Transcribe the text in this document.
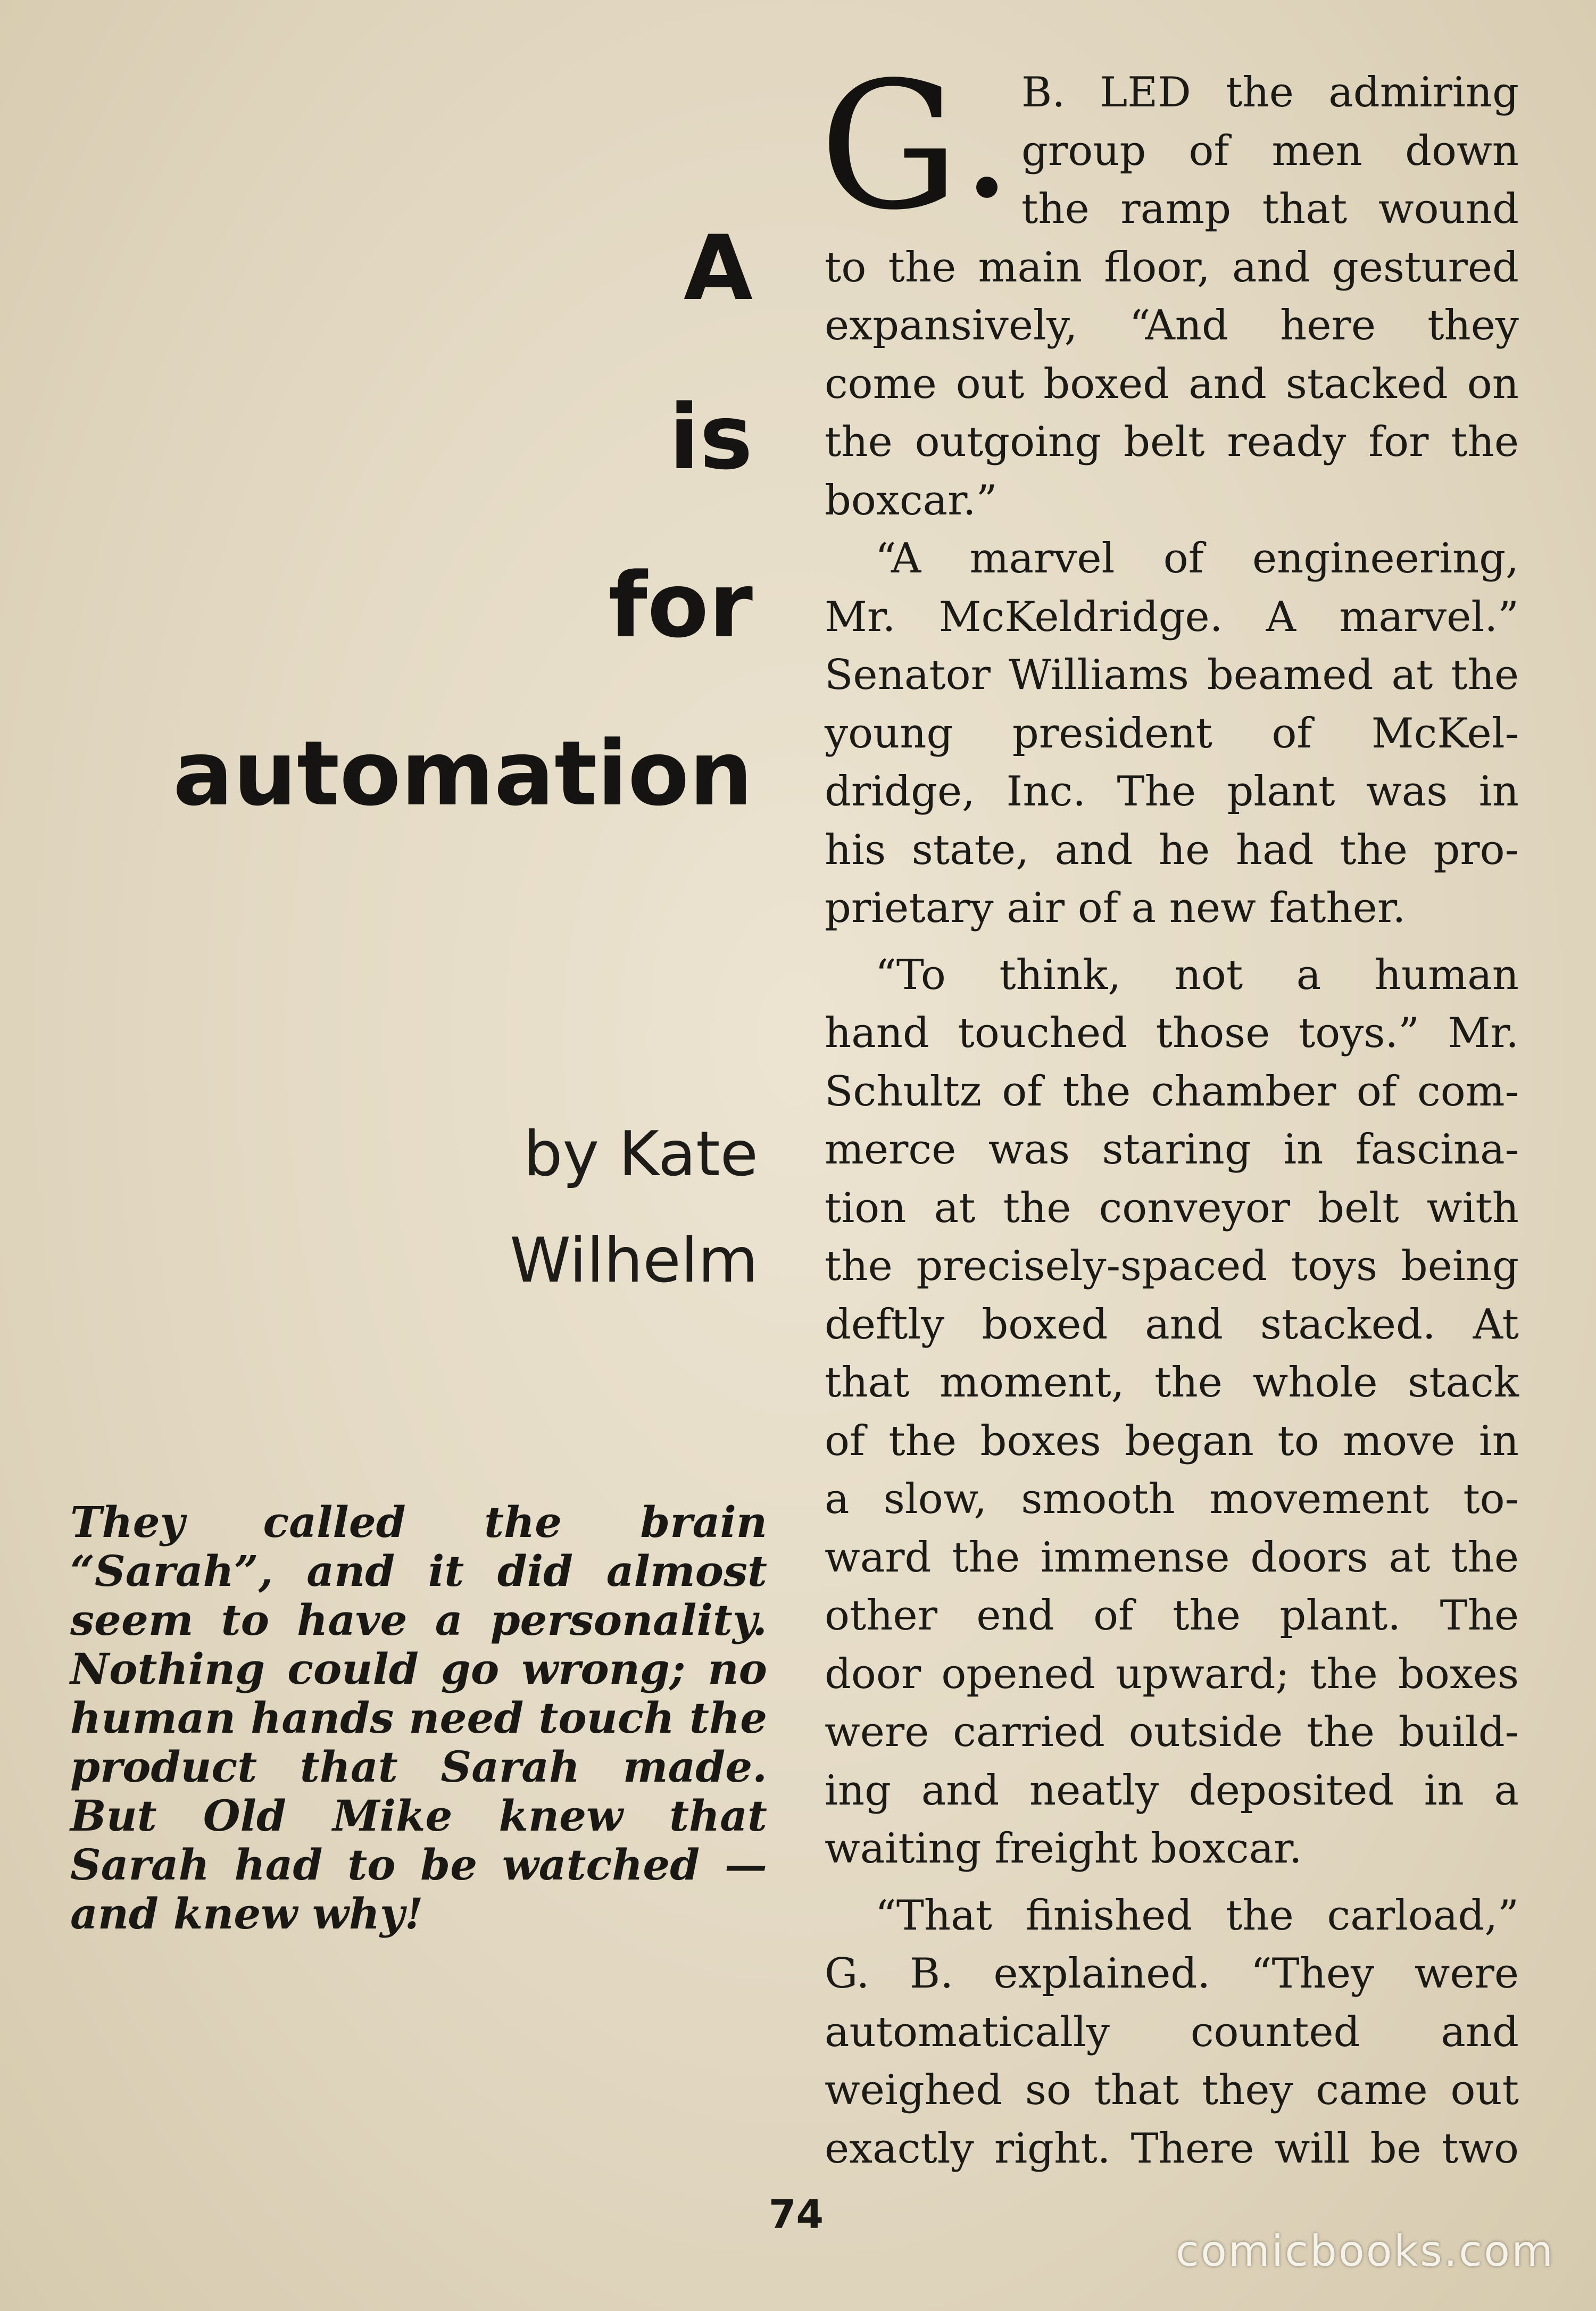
A
is
for
automation
by Kate
Wilhelm
They called the brain
“Sarah”, and it did almost
seem to have a personality.
Nothing could go wrong; no
human hands need touch the
product that Sarah made.
But Old Mike knew that
Sarah had to be watched —
and knew why!
G	B. LED the admiring
group of men down
the ramp that wound
to the main floor, and gestured
expansively, “And here they
come out boxed and stacked on
the outgoing belt ready for the
boxcar.”
“A marvel of engineering,
Mr. McKeldridge. A marvel.”
Senator Williams beamed at the
young president of McKel-
dridge, Inc. The plant was in
his state, and he had the pro-
prietary air of a new father.
“To think, not a human
hand touched those toys.” Mr.
Schultz of the chamber of com-
merce was staring in fascina-
tion at the conveyor belt with
the precisely-spaced toys being
deftly boxed and stacked. At
that moment, the whole stack
of the boxes began to move in
a slow, smooth movement to-
ward the immense doors at the
other end of the plant. The
door opened upward; the boxes
were carried outside the build-
ing and neatly deposited in a
waiting freight boxcar.
“That finished the carload,”
G. B. explained. “They were
automatically counted and
weighed so that they came out
exactly right. There will be two
74
comicbooks.com
